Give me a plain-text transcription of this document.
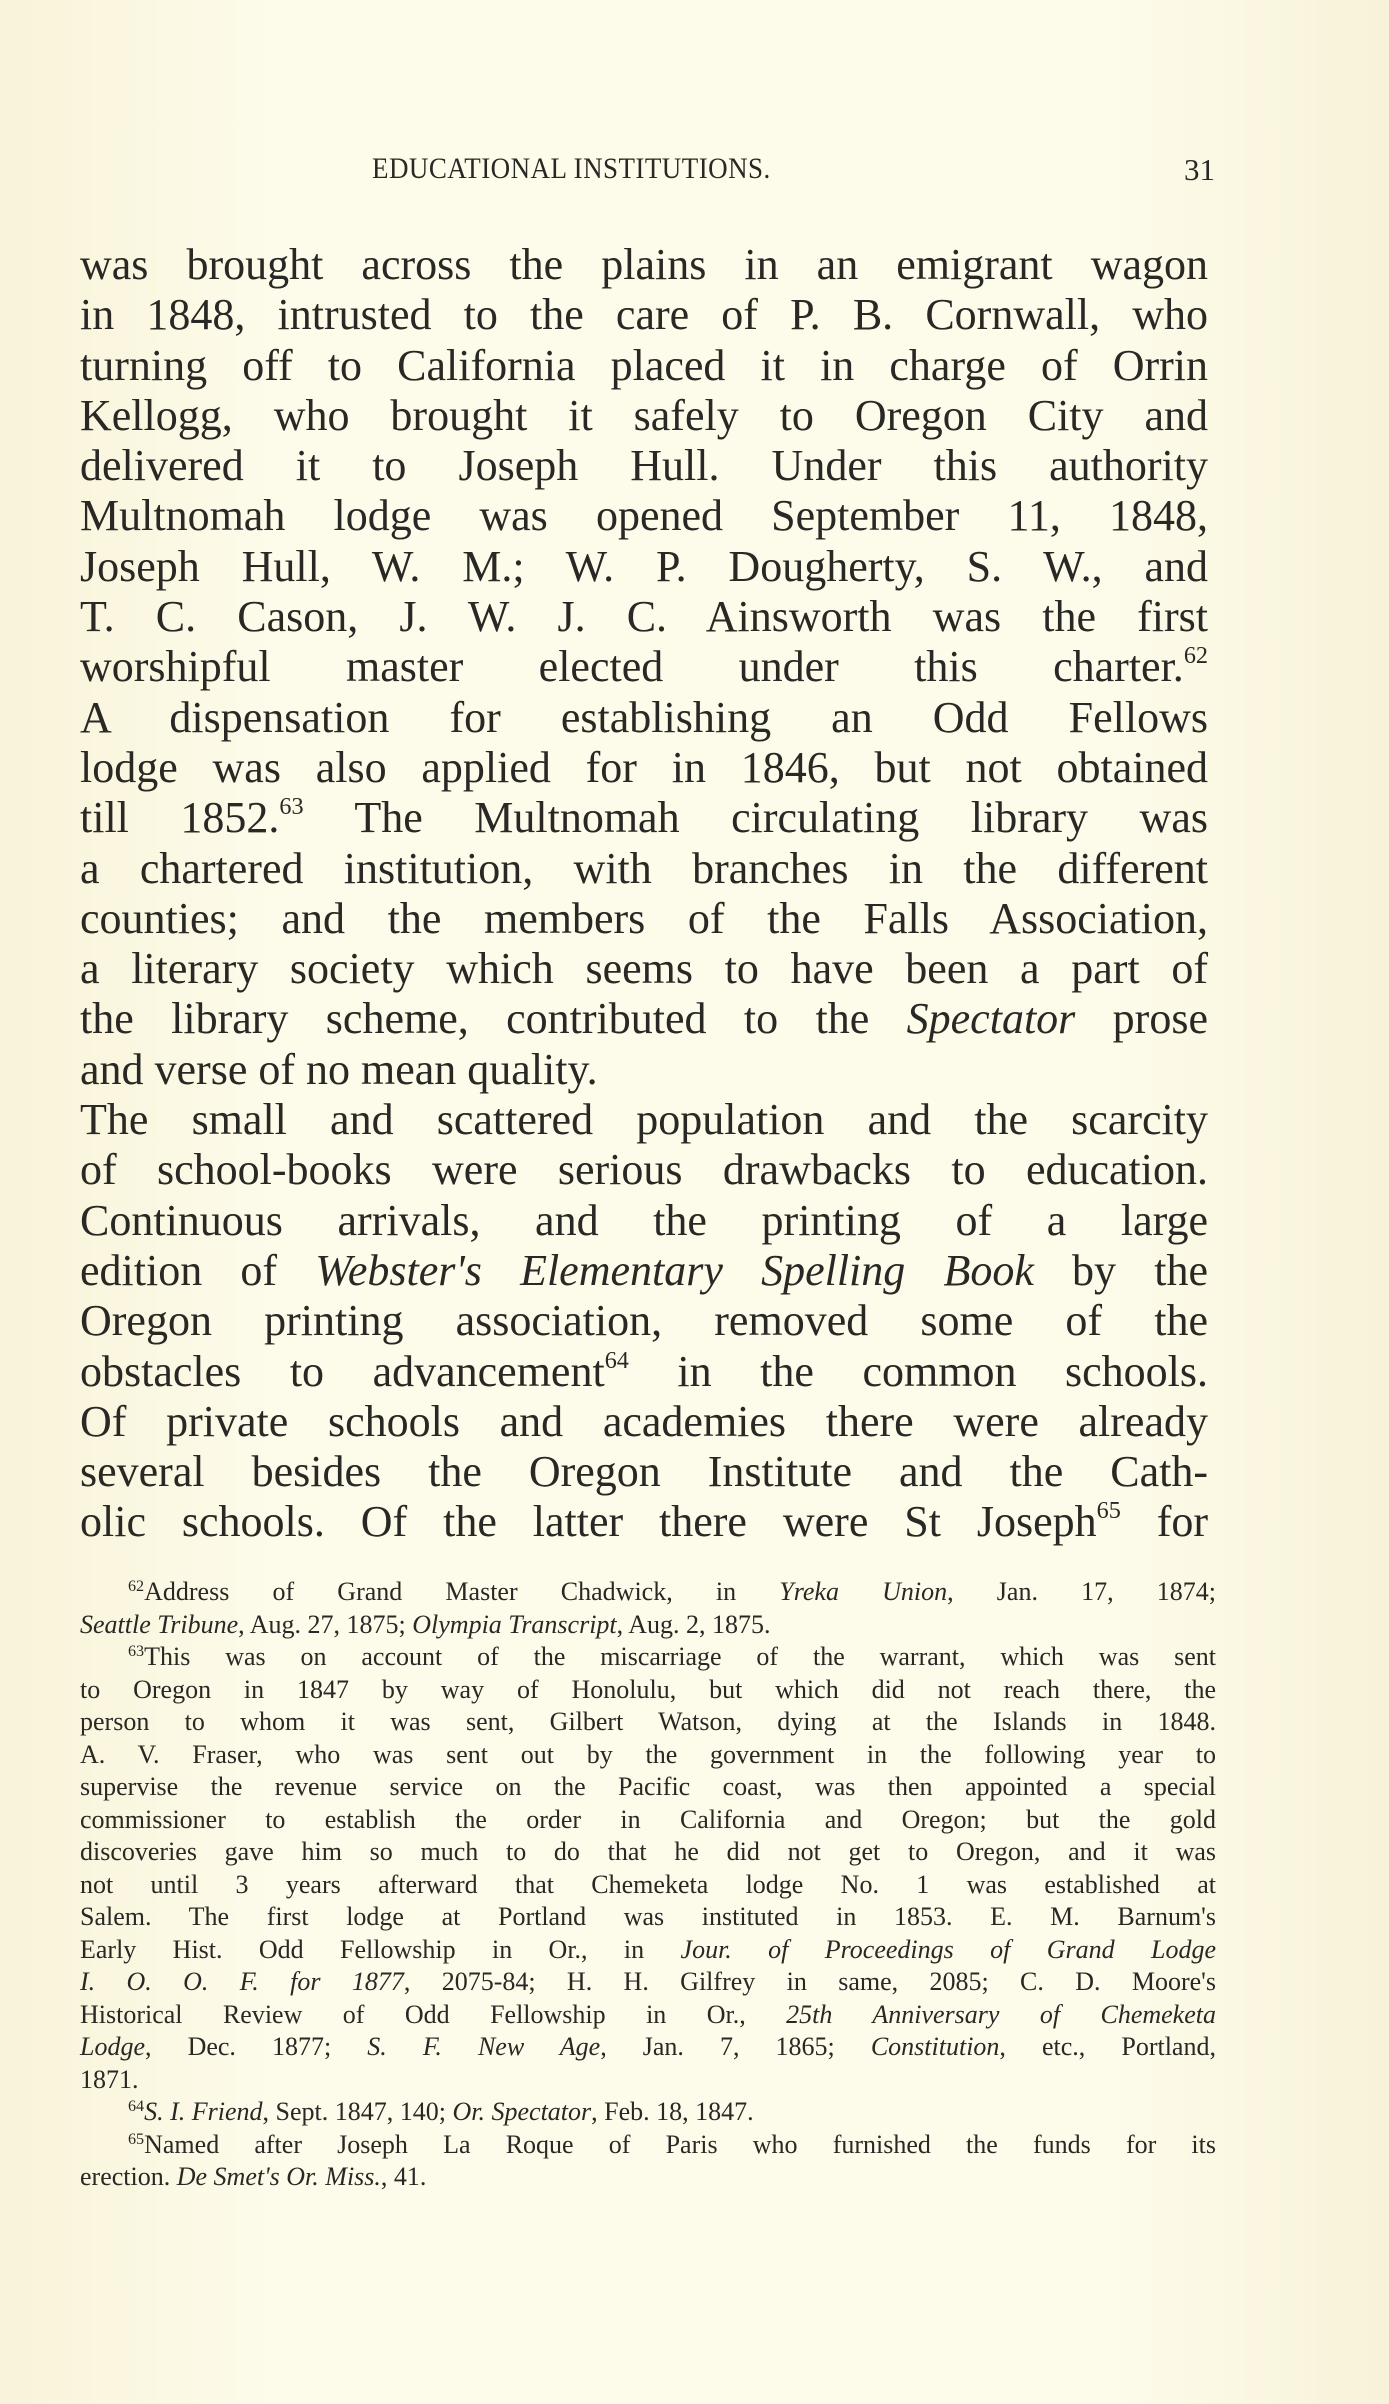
EDUCATIONAL INSTITUTIONS.	31
was brought across the plains in an emigrant wagon
in 1848, intrusted to the care of P. B. Cornwall, who
turning off to California placed it in charge of Orrin
Kellogg, who brought it safely to Oregon City and
delivered it to Joseph Hull. Under this authority
Multnomah lodge was opened September 11, 1848,
Joseph Hull, W. M.; W. P. Dougherty, S. W., and
T. C. Cason, J. W. J. C. Ainsworth was the first
worshipful master elected under this charter.$^{62}$
A dispensation for establishing an Odd Fellows
lodge was also applied for in 1846, but not obtained
till 1852.63 The Multnomah circulating library was
a chartered institution, with branches in the different
counties; and the members of the Falls Association,
a literary society which seems to have been a part of
the library scheme, contributed to the Spectator prose
and verse of no mean quality.
The small and scattered population and the scarcity
of school-books were serious drawbacks to education.
Continuous arrivals, and the printing of a large
edition of Webster's Elementary Spelling Book by the
Oregon printing association, removed some of the
obstacles to advancement$^{64}$ in the common schools.
Of private schools and academies there were already
several besides the Oregon Institute and the Cath-
olic schools. Of the latter there were St Joseph$^{65}$ for
$^{62}$Address of Grand Master Chadwick, in Yreka Union, Jan. 17, 1874;
Seattle Tribune, Aug. 27, 1875; Olympia Transcript, Aug. 2, 1875.
$^{63}$This was on account of the miscarriage of the warrant, which was sent
to Oregon in 1847 by way of Honolulu, but which did not reach there, the
person to whom it was sent, Gilbert Watson, dying at the Islands in 1848.
A. V. Fraser, who was sent out by the government in the following year to
supervise the revenue service on the Pacific coast, was then appointed a special
commissioner to establish the order in California and Oregon; but the gold
discoveries gave him so much to do that he did not get to Oregon, and it was
not until 3 years afterward that Chemeketa lodge No. 1 was established at
Salem. The first lodge at Portland was instituted in 1853. E. M. Barnum's
Early Hist. Odd Fellowship in Or., in Jour. of Proceedings of Grand Lodge
I. O. O. F. for 1877, 2075-84; H. H. Gilfrey in same, 2085; C. D. Moore's
Historical Review of Odd Fellowship in Or., 25th Anniversary of Chemeketa
Lodge, Dec. 1877; S. F. New Age, Jan. 7, 1865; Constitution, etc., Portland,
1871.
$^{64}$S. I. Friend, Sept. 1847, 140; Or. Spectator, Feb. 18, 1847.
$^{65}$Named after Joseph La Roque of Paris who furnished the funds for its
erection. De Smet's Or. Miss., 41.
